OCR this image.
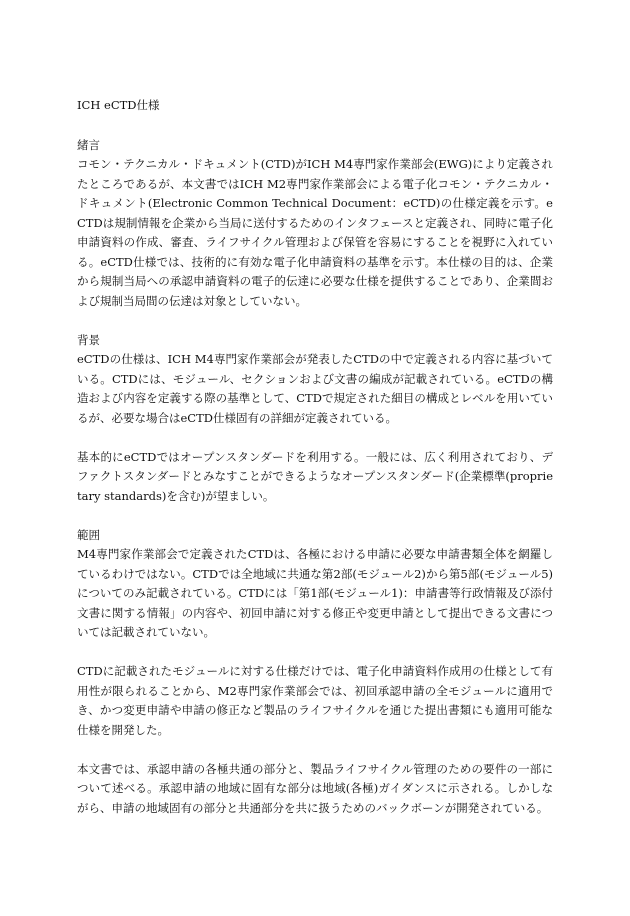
ICH eCTD仕様
緒言

コモン・テクニカル・ドキュメント(CTD)がICH M4専門家作業部会(EWG)により定義されたところであるが、本文書ではICH M2専門家作業部会による電子化コモン・テクニカル・ドキュメント(Electronic Common Technical Document：eCTD)の仕様定義を示す。eCTDは規制情報を企業から当局に送付するためのインタフェースと定義され、同時に電子化申請資料の作成、審査、ライフサイクル管理および保管を容易にすることを視野に入れている。eCTD仕様では、技術的に有効な電子化申請資料の基準を示す。本仕様の目的は、企業から規制当局への承認申請資料の電子的伝達に必要な仕様を提供することであり、企業間および規制当局間の伝達は対象としていない。

背景

eCTDの仕様は、ICH M4専門家作業部会が発表したCTDの中で定義される内容に基づいている。CTDには、モジュール、セクションおよび文書の編成が記載されている。eCTDの構造および内容を定義する際の基準として、CTDで規定された細目の構成とレベルを用いているが、必要な場合はeCTD仕様固有の詳細が定義されている。

基本的にeCTDではオープンスタンダードを利用する。一般には、広く利用されており、デファクトスタンダードとみなすことができるようなオープンスタンダード(企業標準(proprietary standards)を含む)が望ましい。

範囲

M4専門家作業部会で定義されたCTDは、各極における申請に必要な申請書類全体を網羅しているわけではない。CTDでは全地域に共通な第2部(モジュール2)から第5部(モジュール5)についてのみ記載されている。CTDには「第1部(モジュール1)：申請書等行政情報及び添付文書に関する情報」の内容や、初回申請に対する修正や変更申請として提出できる文書については記載されていない。

CTDに記載されたモジュールに対する仕様だけでは、電子化申請資料作成用の仕様として有用性が限られることから、M2専門家作業部会では、初回承認申請の全モジュールに適用でき、かつ変更申請や申請の修正など製品のライフサイクルを通じた提出書類にも適用可能な仕様を開発した。

本文書では、承認申請の各極共通の部分と、製品ライフサイクル管理のための要件の一部について述べる。承認申請の地域に固有な部分は地域(各極)ガイダンスに示される。しかしながら、申請の地域固有の部分と共通部分を共に扱うためのバックボーンが開発されている。
